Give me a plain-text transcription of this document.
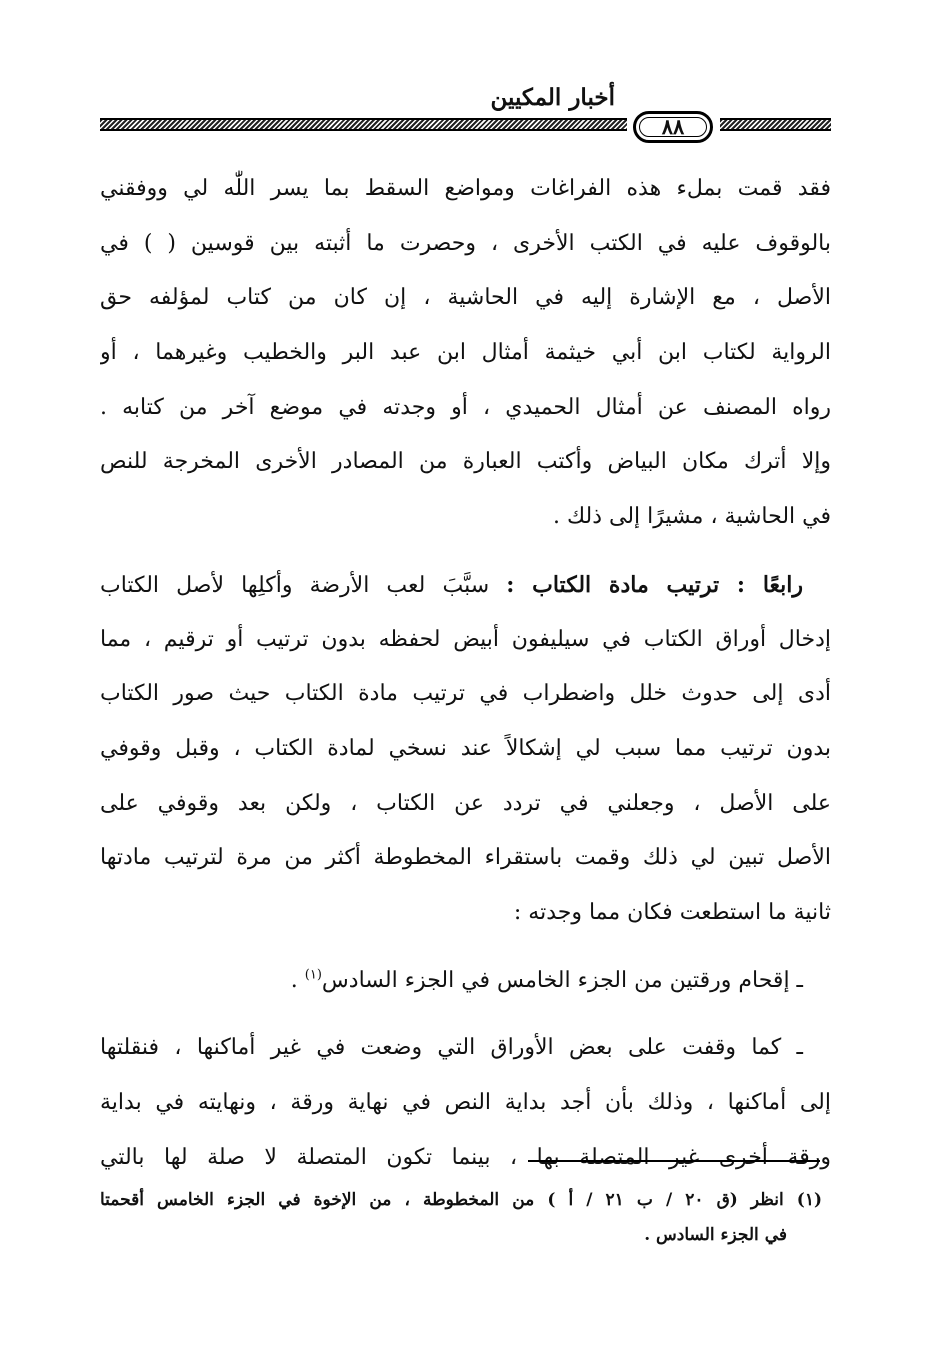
أخبار المكيين
٨٨
فقد قمت بملء هذه الفراغات ومواضع السقط بما يسر اللّٰه لي ووفقني
بالوقوف عليه في الكتب الأخرى ، وحصرت ما أثبته بين قوسين ( ) في
الأصل ، مع الإشارة إليه في الحاشية ، إن كان من كتاب لمؤلفه حق
الرواية لكتاب ابن أبي خيثمة أمثال ابن عبد البر والخطيب وغيرهما ، أو
رواه المصنف عن أمثال الحميدي ، أو وجدته في موضع آخر من كتابه .
وإلا أترك مكان البياض وأكتب العبارة من المصادر الأخرى المخرجة للنص
في الحاشية ، مشيرًا إلى ذلك .
رابعًا : ترتيب مادة الكتاب : سبَّبَ لعب الأرضة وأكلِها لأصل الكتاب
إدخال أوراق الكتاب في سيليفون أبيض لحفظه بدون ترتيب أو ترقيم ، مما
أدى إلى حدوث خلل واضطراب في ترتيب مادة الكتاب حيث صور الكتاب
بدون ترتيب مما سبب لي إشكالاً عند نسخي لمادة الكتاب ، وقبل وقوفي
على الأصل ، وجعلني في تردد عن الكتاب ، ولكن بعد وقوفي على
الأصل تبين لي ذلك وقمت باستقراء المخطوطة أكثر من مرة لترتيب مادتها
ثانية ما استطعت فكان مما وجدته :
ـ إقحام ورقتين من الجزء الخامس في الجزء السادس$^{(١)}$ .
ـ كما وقفت على بعض الأوراق التي وضعت في غير أماكنها ، فنقلتها
إلى أماكنها ، وذلك بأن أجد بداية النص في نهاية ورقة ، ونهايته في بداية
ورقة أخرى غير المتصلة بها ، بينما تكون المتصلة لا صلة لها بالتي
(١) انظر (ق ٢٠ / ب ٢١ / أ ) من المخطوطة ، من الإخوة في الجزء الخامس أقحمتا
في الجزء السادس .
